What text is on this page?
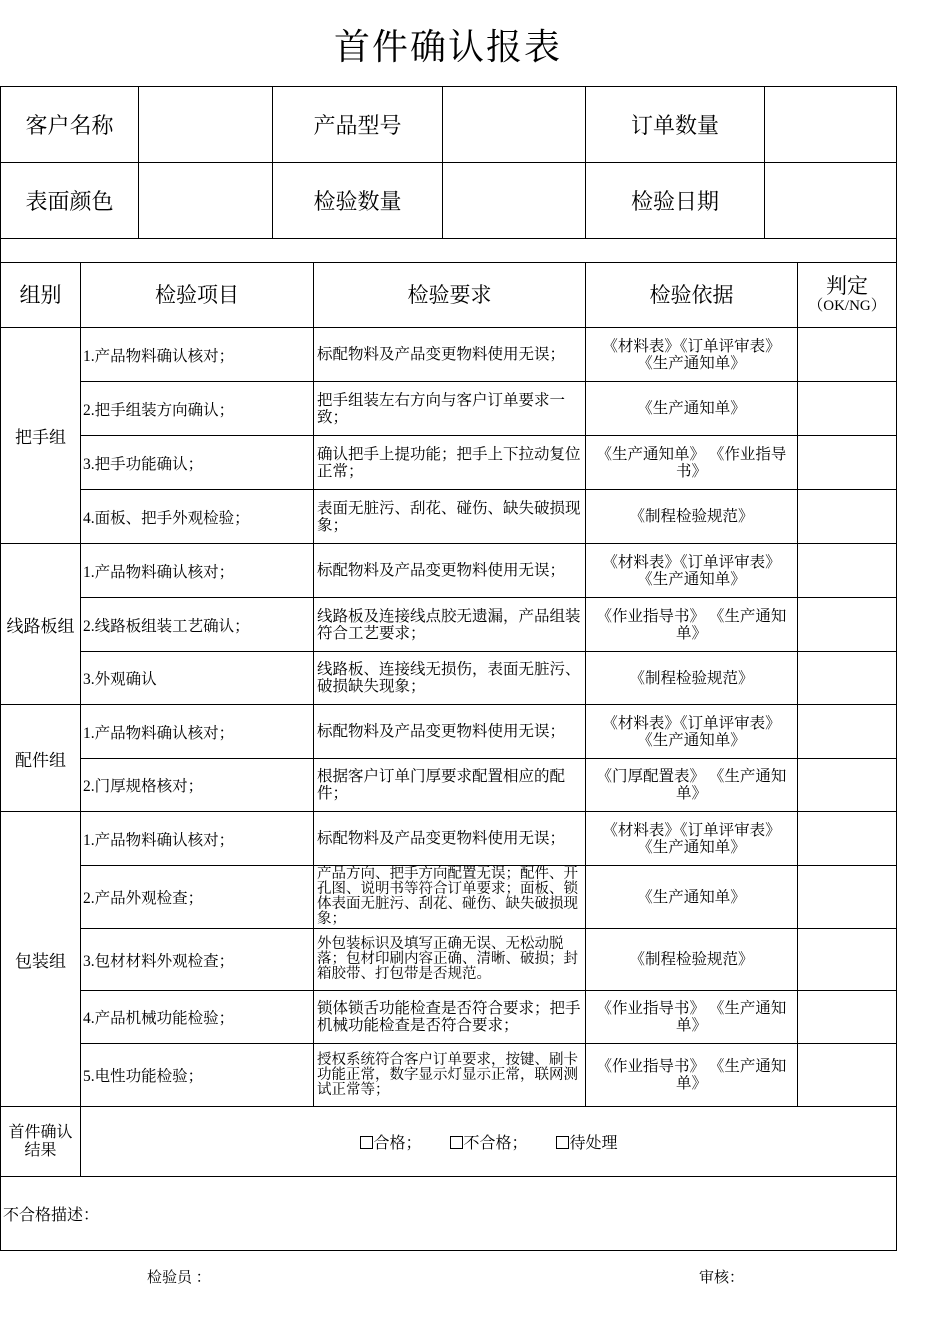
首件确认报表
客户名称		产品型号		订单数量	
表面颜色		检验数量		检验日期	

组别	检验项目	检验要求	检验依据	判定
（OK/NG）

把手组	1.产品物料确认核对；	标配物料及产品变更物料使用无误；	《材料表》《订单评审表》 《生产通知单》	
	2.把手组装方向确认；	把手组装左右方向与客户订单要求一致；	《生产通知单》	
	3.把手功能确认；	确认把手上提功能；把手上下拉动复位正常；	《生产通知单》 《作业指导书》	
	4.面板、把手外观检验；	表面无脏污、刮花、碰伤、缺失破损现象；	《制程检验规范》	
线路板组	1.产品物料确认核对；	标配物料及产品变更物料使用无误；	《材料表》《订单评审表》 《生产通知单》	
	2.线路板组装工艺确认；	线路板及连接线点胶无遗漏，产品组装符合工艺要求；	《作业指导书》 《生产通知单》	
	3.外观确认	线路板、连接线无损伤，表面无脏污、破损缺失现象；	《制程检验规范》	
配件组	1.产品物料确认核对；	标配物料及产品变更物料使用无误；	《材料表》《订单评审表》 《生产通知单》	
	2.门厚规格核对；	根据客户订单门厚要求配置相应的配件；	《门厚配置表》 《生产通知单》	
包装组	1.产品物料确认核对；	标配物料及产品变更物料使用无误；	《材料表》《订单评审表》 《生产通知单》	
	2.产品外观检查；	产品方向、把手方向配置无误；配件、开孔图、说明书等符合订单要求；面板、锁体表面无脏污、刮花、碰伤、缺失破损现象；	《生产通知单》	
	3.包材材料外观检查；	外包装标识及填写正确无误、无松动脱落；包材印刷内容正确、清晰、破损；封箱胶带、打包带是否规范。	《制程检验规范》	
	4.产品机械功能检验；	锁体锁舌功能检查是否符合要求；把手机械功能检查是否符合要求；	《作业指导书》 《生产通知单》	
	5.电性功能检验；	授权系统符合客户订单要求，按键、刷卡功能正常，数字显示灯显示正常，联网测试正常等；	《作业指导书》 《生产通知单》	
首件确认结果	合格； 不合格； 待处理			
不合格描述：				
检验员 ：	审核：
